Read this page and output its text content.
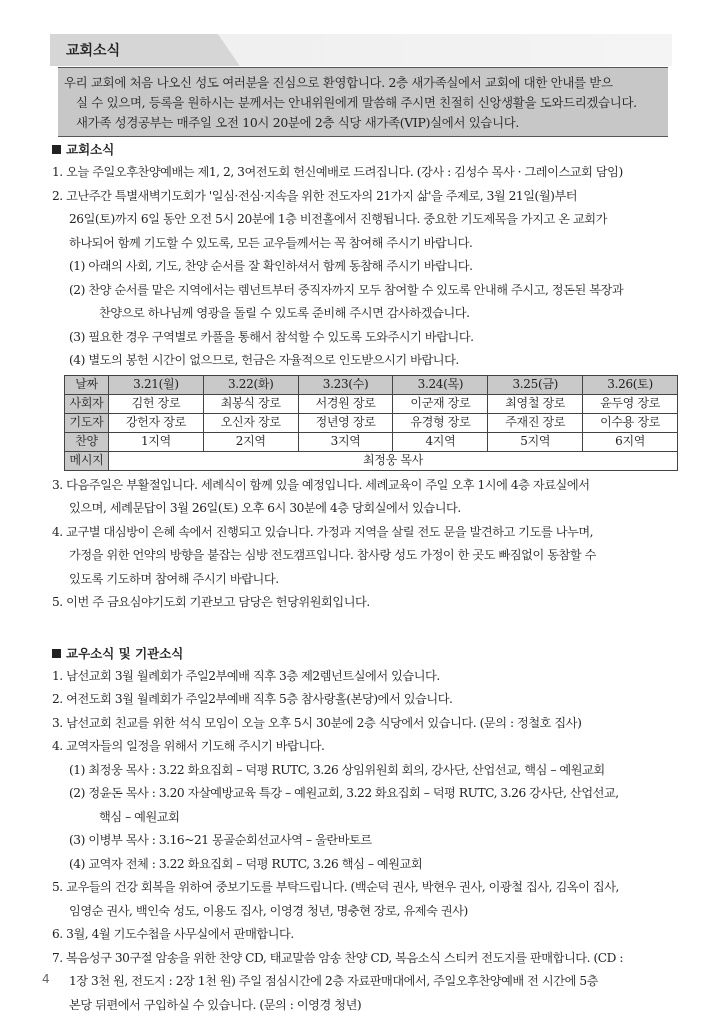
교회소식
우리 교회에 처음 나오신 성도 여러분을 진심으로 환영합니다. 2층 새가족실에서 교회에 대한 안내를 받으
실 수 있으며, 등록을 원하시는 분께서는 안내위원에게 말씀해 주시면 친절히 신앙생활을 도와드리겠습니다.
새가족 성경공부는 매주일 오전 10시 20분에 2층 식당 새가족(VIP)실에서 있습니다.
교회소식
1. 오늘 주일오후찬양예배는 제1, 2, 3여전도회 헌신예배로 드려집니다. (강사 : 김성수 목사 · 그레이스교회 담임)
2. 고난주간 특별새벽기도회가 '일심·전심·지속을 위한 전도자의 21가지 삶'을 주제로, 3월 21일(월)부터
26일(토)까지 6일 동안 오전 5시 20분에 1층 비전홀에서 진행됩니다. 중요한 기도제목을 가지고 온 교회가
하나되어 함께 기도할 수 있도록, 모든 교우들께서는 꼭 참여해 주시기 바랍니다.
(1) 아래의 사회, 기도, 찬양 순서를 잘 확인하셔서 함께 동참해 주시기 바랍니다.
(2) 찬양 순서를 맡은 지역에서는 렘넌트부터 중직자까지 모두 참여할 수 있도록 안내해 주시고, 정돈된 복장과
찬양으로 하나님께 영광을 돌릴 수 있도록 준비해 주시면 감사하겠습니다.
(3) 필요한 경우 구역별로 카풀을 통해서 참석할 수 있도록 도와주시기 바랍니다.
(4) 별도의 봉헌 시간이 없으므로, 헌금은 자율적으로 인도받으시기 바랍니다.
날짜	3.21(월)	3.22(화)	3.23(수)	3.24(목)	3.25(금)	3.26(토)
사회자	김헌 장로	최봉식 장로	서경원 장로	이군재 장로	최영철 장로	윤두영 장로
기도자	강헌자 장로	오신자 장로	정년영 장로	유경형 장로	주재진 장로	이수용 장로
찬양	1지역	2지역	3지역	4지역	5지역	6지역
메시지	최정웅 목사					
3. 다음주일은 부활절입니다. 세례식이 함께 있을 예정입니다. 세례교육이 주일 오후 1시에 4층 자료실에서
있으며, 세례문답이 3월 26일(토) 오후 6시 30분에 4층 당회실에서 있습니다.
4. 교구별 대심방이 은혜 속에서 진행되고 있습니다. 가정과 지역을 살릴 전도 문을 발견하고 기도를 나누며,
가정을 위한 언약의 방향을 붙잡는 심방 전도캠프입니다. 참사랑 성도 가정이 한 곳도 빠짐없이 동참할 수
있도록 기도하며 참여해 주시기 바랍니다.
5. 이번 주 금요심야기도회 기관보고 담당은 헌당위원회입니다.
교우소식 및 기관소식
1. 남선교회 3월 월례회가 주일2부예배 직후 3층 제2렘넌트실에서 있습니다.
2. 여전도회 3월 월례회가 주일2부예배 직후 5층 참사랑홀(본당)에서 있습니다.
3. 남선교회 친교를 위한 석식 모임이 오늘 오후 5시 30분에 2층 식당에서 있습니다. (문의 : 정철호 집사)
4. 교역자들의 일정을 위해서 기도해 주시기 바랍니다.
(1) 최정웅 목사 : 3.22 화요집회 – 덕평 RUTC, 3.26 상임위원회 회의, 강사단, 산업선교, 핵심 – 예원교회
(2) 정윤돈 목사 : 3.20 자살예방교육 특강 – 예원교회, 3.22 화요집회 – 덕평 RUTC, 3.26 강사단, 산업선교,
핵심 – 예원교회
(3) 이병부 목사 : 3.16~21 몽골순회선교사역 – 울란바토르
(4) 교역자 전체 : 3.22 화요집회 – 덕평 RUTC, 3.26 핵심 – 예원교회
5. 교우들의 건강 회복을 위하여 중보기도를 부탁드립니다. (백순덕 권사, 박현우 권사, 이광철 집사, 김옥이 집사,
임영순 권사, 백인숙 성도, 이용도 집사, 이영경 청년, 명충현 장로, 유제숙 권사)
6. 3월, 4월 기도수첩을 사무실에서 판매합니다.
7. 복음성구 30구절 암송을 위한 찬양 CD, 태교말씀 암송 찬양 CD, 복음소식 스티커 전도지를 판매합니다. (CD :
1장 3천 원, 전도지 : 2장 1천 원) 주일 점심시간에 2층 자료판매대에서, 주일오후찬양예배 전 시간에 5층
본당 뒤편에서 구입하실 수 있습니다. (문의 : 이영경 청년)
4
